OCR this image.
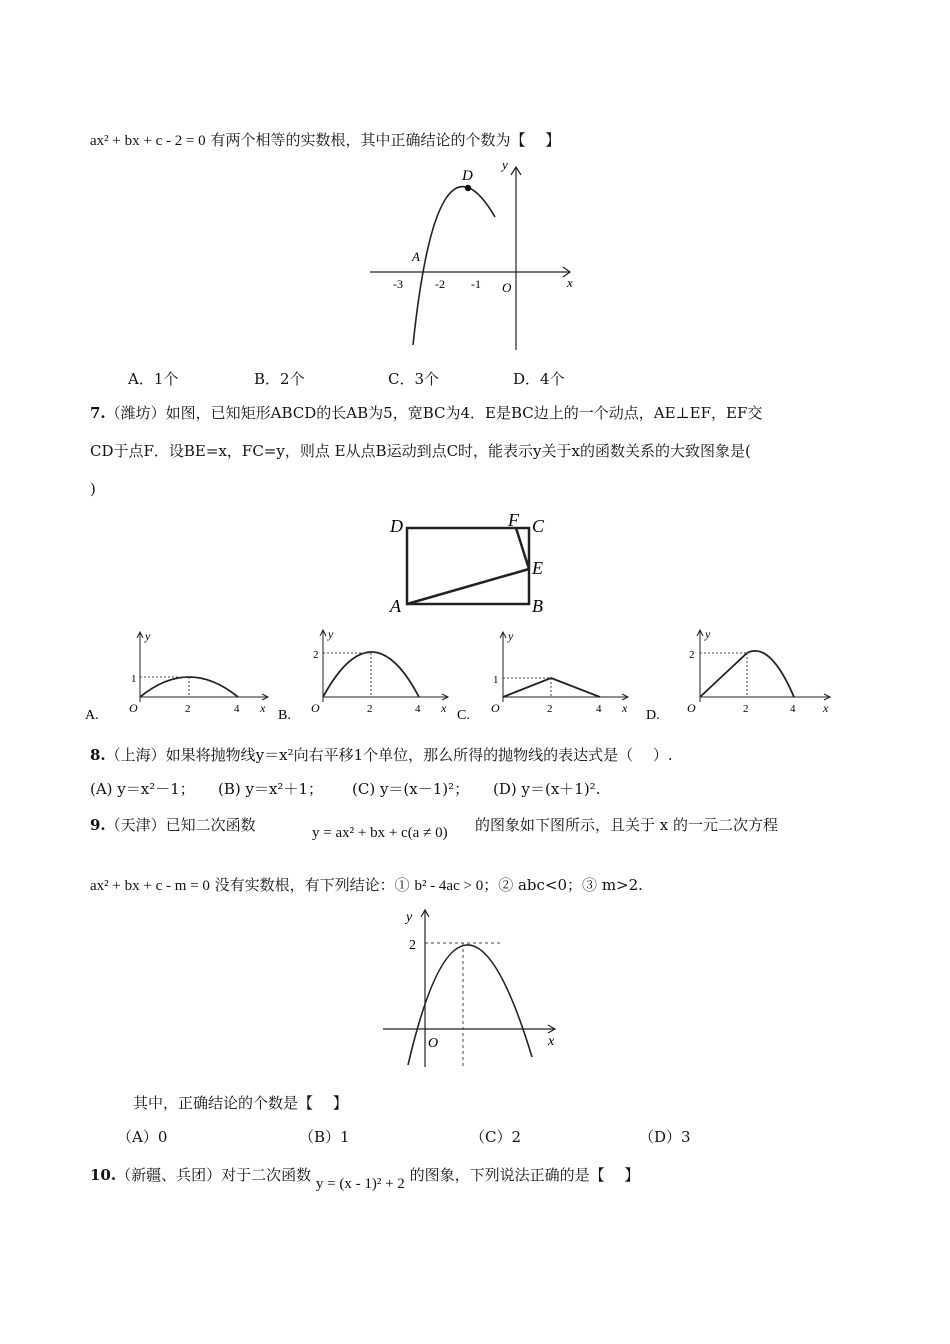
ax² + bx + c - 2 = 0 有两个相等的实数根，其中正确结论的个数为【　 】
D
A
-3	-2 -1 O	x
y
A．1个	B．2个	C．3个	D．4个
7.（潍坊）如图，已知矩形ABCD的长AB为5，宽BC为4．E是BC边上的一个动点，AE⊥EF，EF交
CD于点F．设BE=x，FC=y，则点 E从点B运动到点C时，能表示y关于x的函数关系的大致图象是(
)
D	F C
E
A	B
A.
1
2	4
O
y
x B.
2
2	4
O
y
x C.
1
2	4
O
y
x D.
2
2	4
O
y
x
8.（上海）如果将抛物线y＝x²向右平移1个单位，那么所得的抛物线的表达式是（　 ）.
(A) y＝x²－1； (B) y＝x²＋1； (C) y＝(x－1)²； (D) y＝(x＋1)².
9.（天津）已知二次函数	y = ax² + bx + c(a ≠ 0) 的图象如下图所示，且关于 x 的一元二次方程
ax² + bx + c - m = 0 没有实数根，有下列结论：① b² - 4ac > 0；② abc<0；③ m>2.
2
O
y
x
其中，正确结论的个数是【　 】
（A）0	（B）1	（C）2	（D）3
10.（新疆、兵团）对于二次函数 y = (x - 1)² + 2 的图象，下列说法正确的是【　 】
